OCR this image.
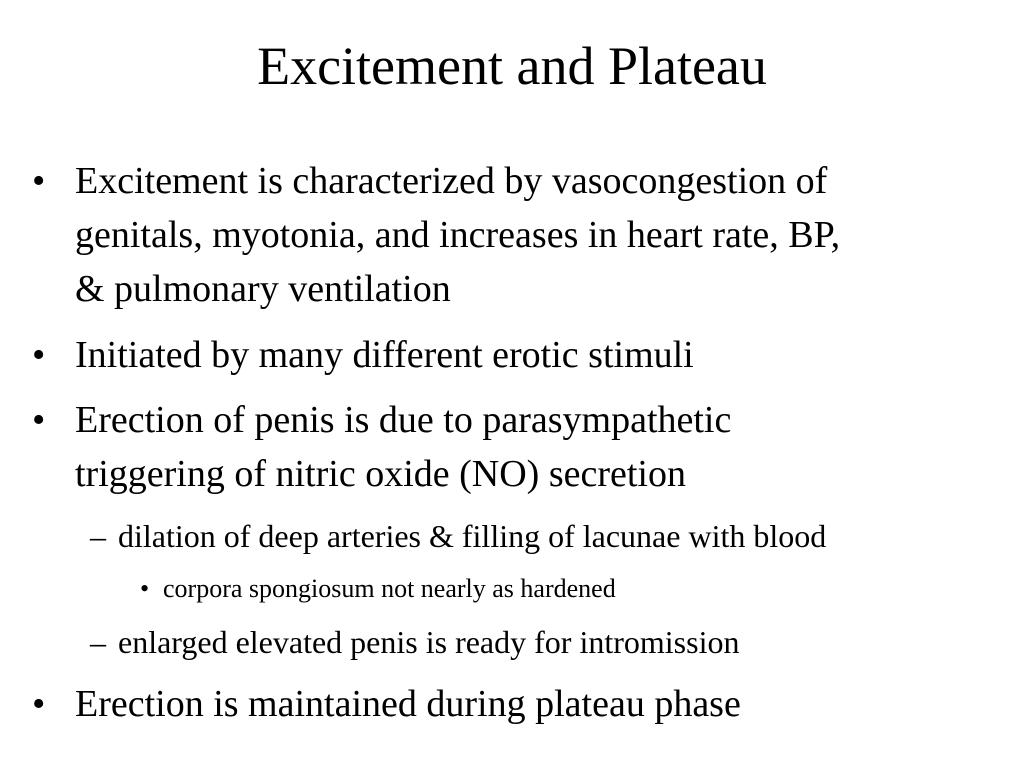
Excitement and Plateau
• Excitement is characterized by vasocongestion of
genitals, myotonia, and increases in heart rate, BP,
& pulmonary ventilation
• Initiated by many different erotic stimuli
• Erection of penis is due to parasympathetic
triggering of nitric oxide (NO) secretion
– dilation of deep arteries & filling of lacunae with blood
• corpora spongiosum not nearly as hardened
– enlarged elevated penis is ready for intromission
• Erection is maintained during plateau phase
